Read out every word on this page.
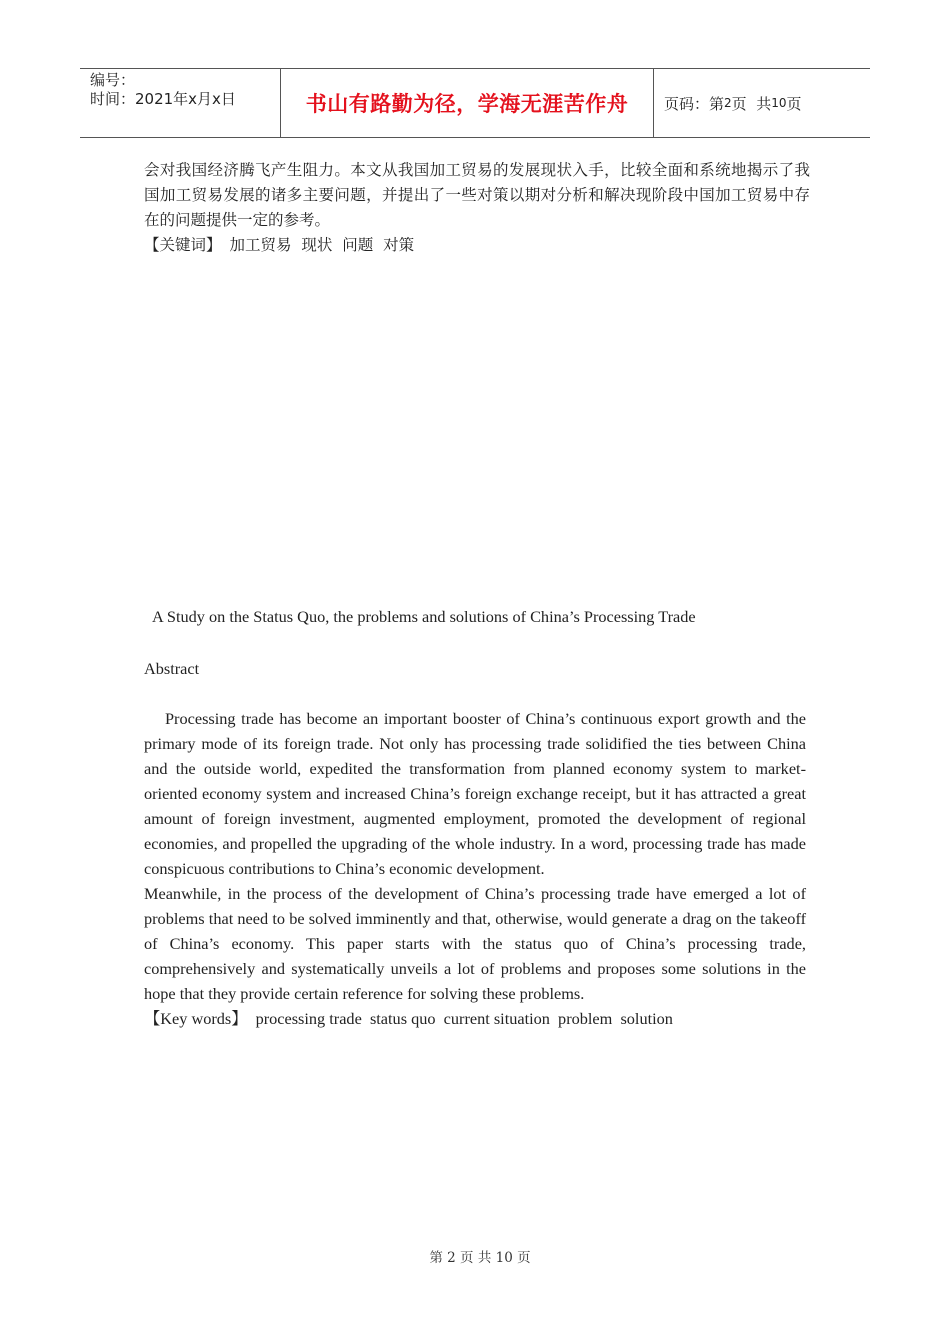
编号：
时间：2021年x月x日	书山有路勤为径，学海无涯苦作舟	页码：第 2 页  共 10 页
会对我国经济腾飞产生阻力。本文从我国加工贸易的发展现状入手，比较全面和系统地揭示了我国加工贸易发展的诸多主要问题，并提出了一些对策以期对分析和解决现阶段中国加工贸易中存在的问题提供一定的参考。
【关键词】 加工贸易  现状  问题  对策
A Study on the Status Quo, the problems and solutions of China’s Processing Trade
Abstract
Processing trade has become an important booster of China’s continuous export growth and the primary mode of its foreign trade. Not only has processing trade solidified the ties between China and the outside world, expedited the transformation from planned economy system to market-oriented economy system and increased China’s foreign exchange receipt, but it has attracted a great amount of foreign investment, augmented employment, promoted the development of regional economies, and propelled the upgrading of the whole industry. In a word, processing trade has made conspicuous contributions to China’s economic development.
Meanwhile, in the process of the development of China’s processing trade have emerged a lot of problems that need to be solved imminently and that, otherwise, would generate a drag on the takeoff of China’s economy. This paper starts with the status quo of China’s processing trade, comprehensively and systematically unveils a lot of problems and proposes some solutions in the hope that they provide certain reference for solving these problems.
【Key words】 processing trade  status quo  current situation  problem  solution
第 2 页 共 10 页
